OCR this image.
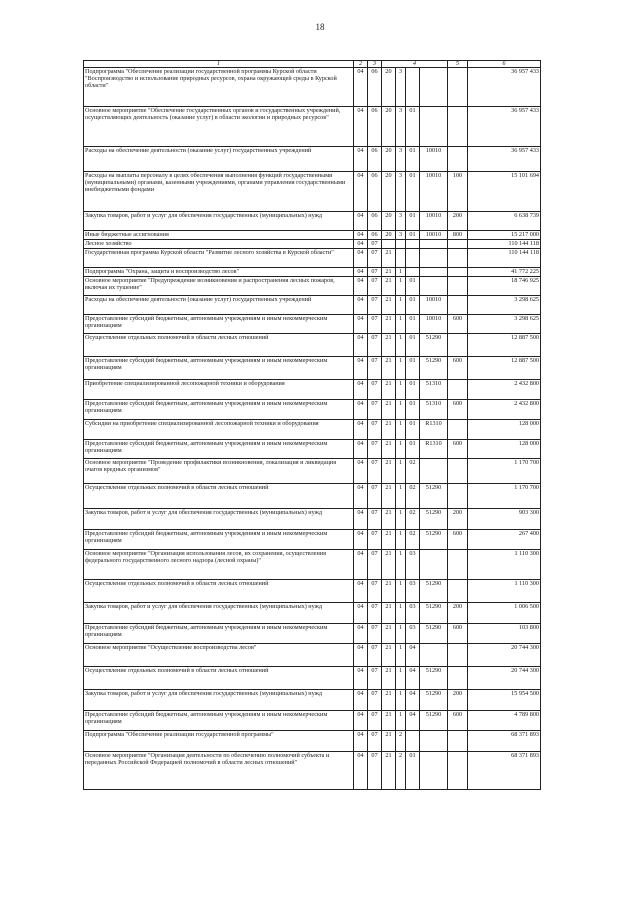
18
1	2	3	4				5	6
Подпрограмма "Обеспечение реализации государственной программы Курской области "Воспроизводство и использование природных ресурсов, охрана окружающей среды в Курской области"	04	06	20	3				36 957 433
Основное мероприятие "Обеспечение государственных органов и государственных учреждений, осуществляющих деятельность (оказание услуг) в области экологии и природных ресурсов"	04	06	20	3	01			36 957 433
Расходы на обеспечение деятельности (оказание услуг) государственных учреждений	04	06	20	3	01	10010		36 957 433
Расходы на выплаты персоналу в целях обеспечения выполнения функций государственными (муниципальными) органами, казенными учреждениями, органами управления государственными внебюджетными фондами	04	06	20	3	01	10010	100	15 101 694
Закупка товаров, работ и услуг для обеспечения государственных (муниципальных) нужд	04	06	20	3	01	10010	200	6 638 739
Иные бюджетные ассигнования	04	06	20	3	01	10010	800	15 217 000
Лесное хозяйство	04	07						110 144 118
Государственная программа Курской области "Развитие лесного хозяйства в Курской области"	04	07	21					110 144 118
Подпрограмма "Охрана, защита и воспроизводство лесов"	04	07	21	1				41 772 225
Основное мероприятие "Предупреждение возникновения и распространения лесных пожаров, включая их тушение"	04	07	21	1	01			18 746 925
Расходы на обеспечение деятельности (оказание услуг) государственных учреждений	04	07	21	1	01	10010		3 298 625
Предоставление субсидий бюджетным, автономным учреждениям и иным некоммерческим организациям	04	07	21	1	01	10010	600	3 298 625
Осуществление отдельных полномочий в области лесных отношений	04	07	21	1	01	51290		12 887 500
Предоставление субсидий бюджетным, автономным учреждениям и иным некоммерческим организациям	04	07	21	1	01	51290	600	12 887 500
Приобретение специализированной лесопожарной техники и оборудования	04	07	21	1	01	51310		2 432 800
Предоставление субсидий бюджетным, автономным учреждениям и иным некоммерческим организациям	04	07	21	1	01	51310	600	2 432 800
Субсидии на приобретение специализированной лесопожарной техники и оборудования	04	07	21	1	01	R1310		128 000
Предоставление субсидий бюджетным, автономным учреждениям и иным некоммерческим организациям	04	07	21	1	01	R1310	600	128 000
Основное мероприятие "Проведение профилактики возникновения, локализация и ликвидация очагов вредных организмов"	04	07	21	1	02			1 170 700
Осуществление отдельных полномочий в области лесных отношений	04	07	21	1	02	51290		1 170 700
Закупка товаров, работ и услуг для обеспечения государственных (муниципальных) нужд	04	07	21	1	02	51290	200	903 300
Предоставление субсидий бюджетным, автономным учреждениям и иным некоммерческим организациям	04	07	21	1	02	51290	600	267 400
Основное мероприятие "Организация использования лесов, их сохранения, осуществления федерального государственного лесного надзора (лесной охраны)"	04	07	21	1	03			1 110 300
Осуществление отдельных полномочий в области лесных отношений	04	07	21	1	03	51290		1 110 300
Закупка товаров, работ и услуг для обеспечения государственных (муниципальных) нужд	04	07	21	1	03	51290	200	1 006 500
Предоставление субсидий бюджетным, автономным учреждениям и иным некоммерческим организациям	04	07	21	1	03	51290	600	103 800
Основное мероприятие "Осуществление воспроизводства лесов"	04	07	21	1	04			20 744 300
Осуществление отдельных полномочий в области лесных отношений	04	07	21	1	04	51290		20 744 300
Закупка товаров, работ и услуг для обеспечения государственных (муниципальных) нужд	04	07	21	1	04	51290	200	15 954 500
Предоставление субсидий бюджетным, автономным учреждениям и иным некоммерческим организациям	04	07	21	1	04	51290	600	4 789 800
Подпрограмма "Обеспечение реализации государственной программы"	04	07	21	2				68 371 893
Основное мероприятие "Организация деятельности по обеспечению полномочий субъекта и переданных Российской Федерацией полномочий в области лесных отношений"	04	07	21	2	01			68 371 893
